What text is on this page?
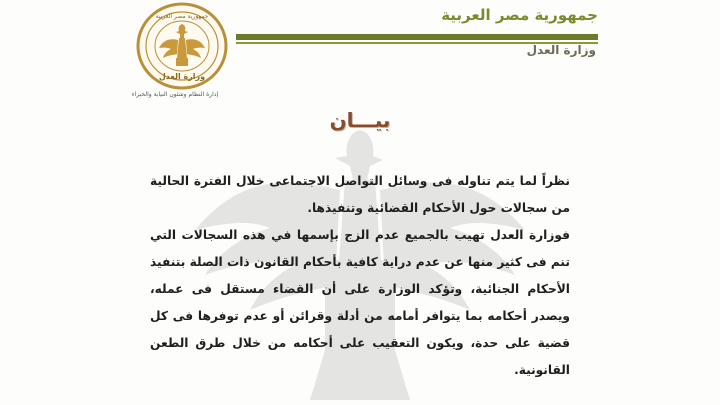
جمهورية مصر العربية
وزارة العدل
إدارة النظام وشئون النيابة والخبراء
جمهورية مصر العربية
وزارة العدل
بيـــان

نظراً لما يتم تناوله فى وسائل التواصل الاجتماعى خلال الفترة الحالية من سجالات حول الأحكام القضائية وتنفيذها.

فوزارة العدل تهيب بالجميع عدم الزج بإسمها في هذه السجالات التي تنم فى كثير منها عن عدم دراية كافية بأحكام القانون ذات الصلة بتنفيذ الأحكام الجنائية، وتؤكد الوزارة على أن القضاء مستقل فى عمله، ويصدر أحكامه بما يتوافر أمامه من أدلة وقرائن أو عدم توفرها فى كل قضية على حدة، ويكون التعقيب على أحكامه من خلال طرق الطعن القانونية.
